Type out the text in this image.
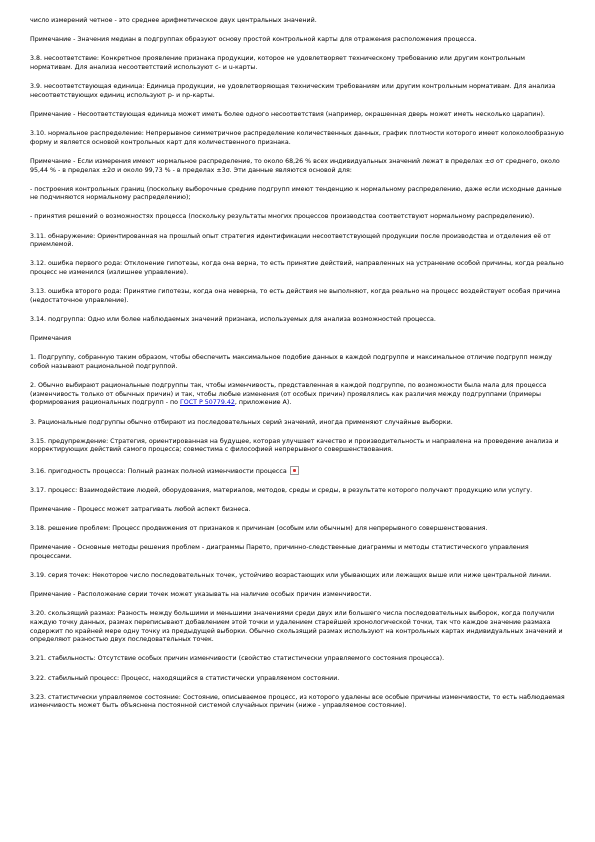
число измерений четное - это среднее арифметическое двух центральных значений.

Примечание - Значения медиан в подгруппах образуют основу простой контрольной карты для отражения расположения процесса.

3.8. несоответствие: Конкретное проявление признака продукции, которое не удовлетворяет техническому требованию или другим контрольным нормативам. Для анализа несоответствий используют c- и u-карты.

3.9. несоответствующая единица: Единица продукции, не удовлетворяющая техническим требованиям или другим контрольным нормативам. Для анализа несоответствующих единиц используют p- и np-карты.

Примечание - Несоответствующая единица может иметь более одного несоответствия (например, окрашенная дверь может иметь несколько царапин).

3.10. нормальное распределение: Непрерывное симметричное распределение количественных данных, график плотности которого имеет колоколообразную форму и является основой контрольных карт для количественного признака.

Примечание - Если измерения имеют нормальное распределение, то около 68,26 % всех индивидуальных значений лежат в пределах ±σ от среднего, около 95,44 % - в пределах ±2σ и около 99,73 % - в пределах ±3σ. Эти данные являются основой для:

- построения контрольных границ (поскольку выборочные средние подгрупп имеют тенденцию к нормальному распределению, даже если исходные данные не подчиняются нормальному распределению);

- принятия решений о возможностях процесса (поскольку результаты многих процессов производства соответствуют нормальному распределению).

3.11. обнаружение: Ориентированная на прошлый опыт стратегия идентификации несоответствующей продукции после производства и отделения её от приемлемой.

3.12. ошибка первого рода: Отклонение гипотезы, когда она верна, то есть принятие действий, направленных на устранение особой причины, когда реально процесс не изменился (излишнее управление).

3.13. ошибка второго рода: Принятие гипотезы, когда она неверна, то есть действия не выполняют, когда реально на процесс воздействует особая причина (недостаточное управление).

3.14. подгруппа: Одно или более наблюдаемых значений признака, используемых для анализа возможностей процесса.

Примечания

1. Подгруппу, собранную таким образом, чтобы обеспечить максимальное подобие данных в каждой подгруппе и максимальное отличие подгрупп между собой называют рациональной подгруппой.

2. Обычно выбирают рациональные подгруппы так, чтобы изменчивость, представленная в каждой подгруппе, по возможности была мала для процесса (изменчивость только от обычных причин) и так, чтобы любые изменения (от особых причин) проявлялись как различия между подгруппами (примеры формирования рациональных подгрупп - по ГОСТ Р 50779.42, приложение А).

3. Рациональные подгруппы обычно отбирают из последовательных серий значений, иногда применяют случайные выборки.

3.15. предупреждение: Стратегия, ориентированная на будущее, которая улучшает качество и производительность и направлена на проведение анализа и корректирующих действий самого процесса; совместима с философией непрерывного совершенствования.

3.16. пригодность процесса: Полный размах полной изменчивости процесса

3.17. процесс: Взаимодействие людей, оборудования, материалов, методов, среды и среды, в результате которого получают продукцию или услугу.

Примечание - Процесс может затрагивать любой аспект бизнеса.

3.18. решение проблем: Процесс продвижения от признаков к причинам (особым или обычным) для непрерывного совершенствования.

Примечание - Основные методы решения проблем - диаграммы Парето, причинно-следственные диаграммы и методы статистического управления процессами.

3.19. серия точек: Некоторое число последовательных точек, устойчиво возрастающих или убывающих или лежащих выше или ниже центральной линии.

Примечание - Расположение серии точек может указывать на наличие особых причин изменчивости.

3.20. скользящий размах: Разность между большими и меньшими значениями среди двух или большего числа последовательных выборок, когда получили каждую точку данных, размах переписывают добавлением этой точки и удалением старейшей хронологической точки, так что каждое значение размаха содержит по крайней мере одну точку из предыдущей выборки. Обычно скользящий размах используют на контрольных картах индивидуальных значений и определяют разностью двух последовательных точек.

3.21. стабильность: Отсутствие особых причин изменчивости (свойство статистически управляемого состояния процесса).

3.22. стабильный процесс: Процесс, находящийся в статистически управляемом состоянии.

3.23. статистически управляемое состояние: Состояние, описываемое процесс, из которого удалены все особые причины изменчивости, то есть наблюдаемая изменчивость может быть объяснена постоянной системой случайных причин (ниже - управляемое состояние).
